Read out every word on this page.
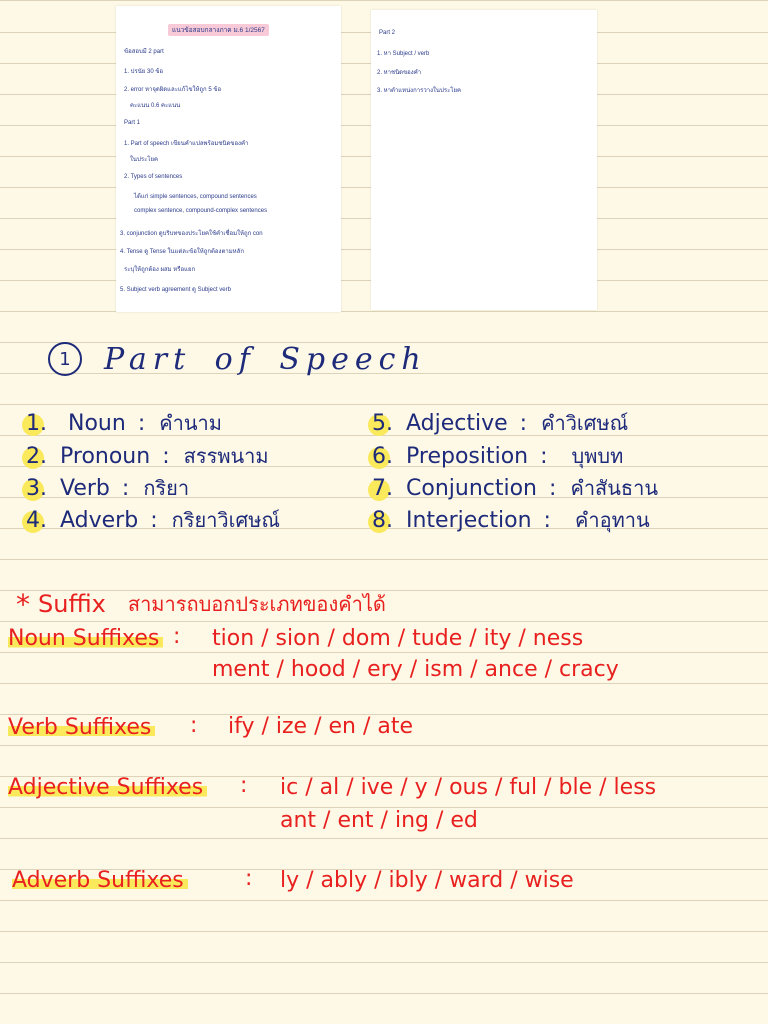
แนวข้อสอบกลางภาค ม.6 1/2567
ข้อสอบมี 2 part
1. ปรนัย 30 ข้อ
2. error หาจุดผิดและแก้ไขให้ถูก 5 ข้อ
คะแนน 0.6 คะแนน
Part 1
1. Part of speech เขียนคำแปลพร้อมชนิดของคำ
ในประโยค
2. Types of sentences
ได้แก่ simple sentences, compound sentences
complex sentence, compound-complex sentences
3. conjunction ดูบริบทของประโยคใช้คำเชื่อมให้ถูก con
4. Tense ดู Tense ในแต่ละข้อให้ถูกต้องตามหลัก
ระบุให้ถูกต้อง ผสม หรือแยก
5. Subject verb agreement ดู Subject verb
Part 2
1. หา Subject / verb
2. หาชนิดของคำ
3. หาตำแหน่งการวางในประโยค
1	Part of Speech
1. Noun : คำนาม
2. Pronoun : สรรพนาม
3. Verb : กริยา
4. Adverb : กริยาวิเศษณ์
5. Adjective : คำวิเศษณ์
6. Preposition : บุพบท
7. Conjunction : คำสันธาน
8. Interjection : คำอุทาน
* Suffix สามารถบอกประเภทของคำได้
Noun Suffixes : tion / sion / dom / tude / ity / ness
ment / hood / ery / ism / ance / cracy
Verb Suffixes : ify / ize / en / ate
Adjective Suffixes : ic / al / ive / y / ous / ful / ble / less
ant / ent / ing / ed
Adverb Suffixes	: ly / ably / ibly / ward / wise
